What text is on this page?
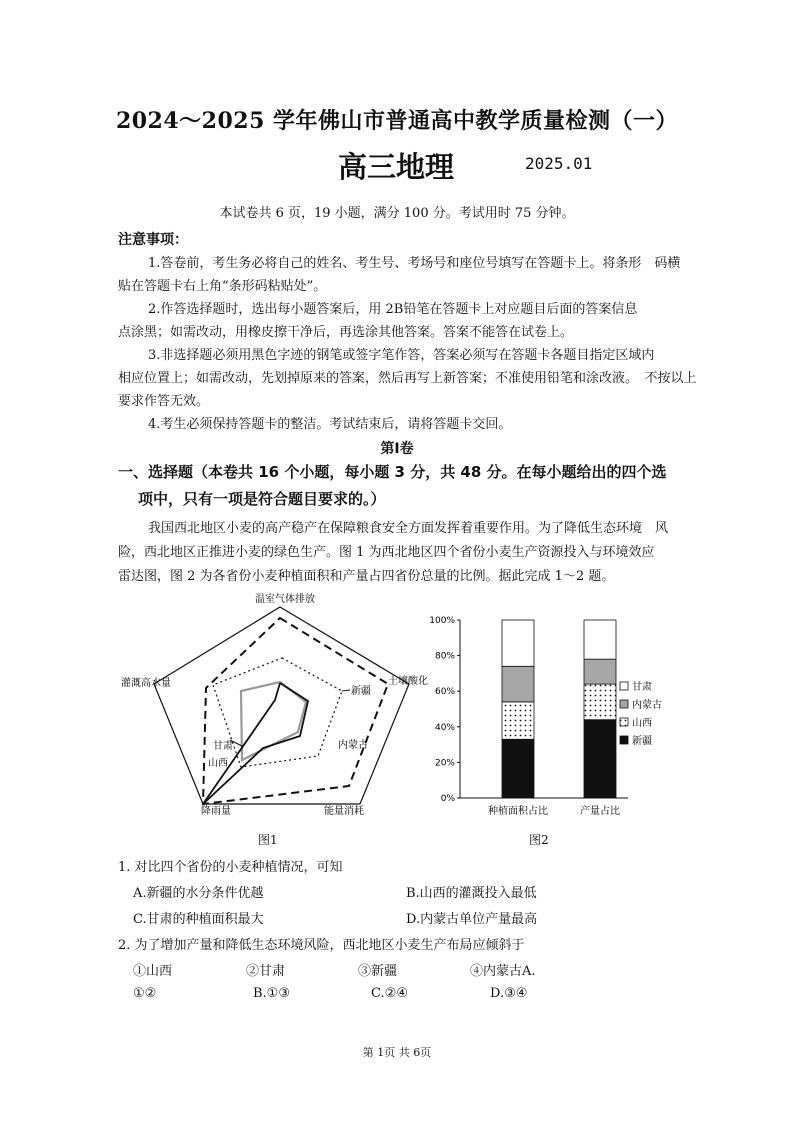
2024～2025 学年佛山市普通高中教学质量检测（一）
高三地理	2025.01
本试卷共 6 页，19 小题，满分 100 分。考试用时 75 分钟。
注意事项：
1.答卷前，考生务必将自己的姓名、考生号、考场号和座位号填写在答题卡上。将条形　码横
贴在答题卡右上角“条形码粘贴处”。
2.作答选择题时，选出每小题答案后，用 2B铅笔在答题卡上对应题目后面的答案信息
点涂黑；如需改动，用橡皮擦干净后，再选涂其他答案。答案不能答在试卷上。
3.非选择题必须用黑色字迹的钢笔或签字笔作答，答案必须写在答题卡各题目指定区域内
相应位置上；如需改动，先划掉原来的答案，然后再写上新答案；不准使用铅笔和涂改液。　不按以上
要求作答无效。
4.考生必须保持答题卡的整洁。考试结束后，请将答题卡交回。
第Ⅰ卷
一、选择题（本卷共 16 个小题，每小题 3 分，共 48 分。在每小题给出的四个选
项中，只有一项是符合题目要求的。）
我国西北地区小麦的高产稳产在保障粮食安全方面发挥着重要作用。为了降低生态环境　风
险，西北地区正推进小麦的绿色生产。图 1 为西北地区四个省份小麦生产资源投入与环境效应
雷达图，图 2 为各省份小麦种植面积和产量占四省份总量的比例。据此完成 1～2 题。
温室气体排放
土壤酸化
能量消耗
降雨量
灌溉高水量
新疆
内蒙古
甘肃
山西
图1
100%
80%
60%
40%
20%
0%
种植面积占比	产量占比
甘肃
内蒙古
山西
新疆
图2
1. 对比四个省份的小麦种植情况，可知
A.新疆的水分条件优越	B.山西的灌溉投入最低
C.甘肃的种植面积最大	D.内蒙古单位产量最高
2. 为了增加产量和降低生态环境风险，西北地区小麦生产布局应倾斜于
①山西	②甘肃	③新疆	④内蒙古A.
①②	B.①③	C.②④	D.③④
第 1页 共 6页
